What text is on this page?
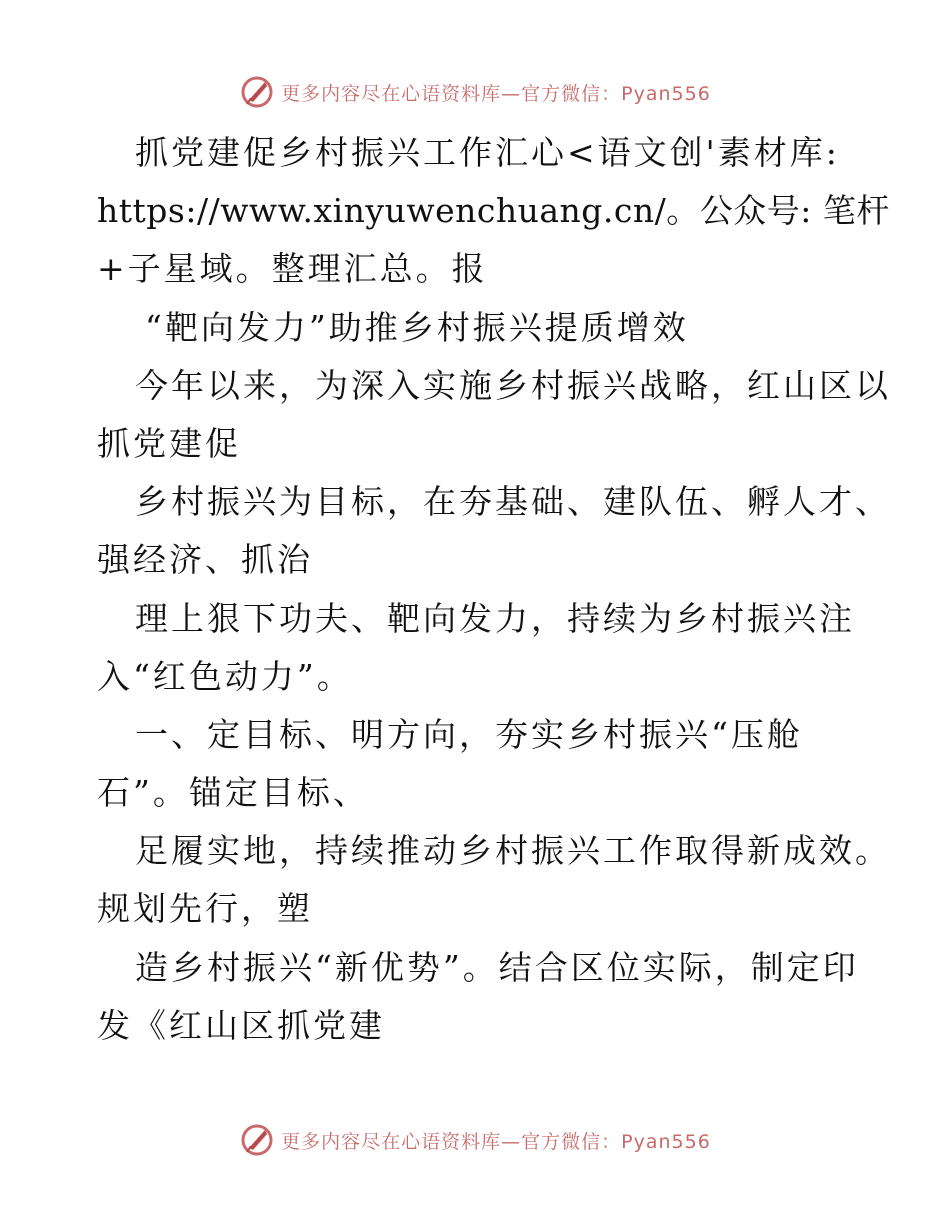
更多内容尽在心语资料库—官方微信：Pyan556
抓党建促乡村振兴工作汇心<语文创'素材库:
https://www.xinyuwenchuang.cn/。公众号: 笔杆
+子星域。整理汇总。报
“靶向发力”助推乡村振兴提质增效
今年以来，为深入实施乡村振兴战略，红山区以
抓党建促
乡村振兴为目标，在夯基础、建队伍、孵人才、
强经济、抓治
理上狠下功夫、靶向发力，持续为乡村振兴注
入“红色动力”。
一、定目标、明方向，夯实乡村振兴“压舱
石”。锚定目标、
足履实地，持续推动乡村振兴工作取得新成效。
规划先行，塑
造乡村振兴“新优势”。结合区位实际，制定印
发《红山区抓党建
更多内容尽在心语资料库—官方微信：Pyan556
